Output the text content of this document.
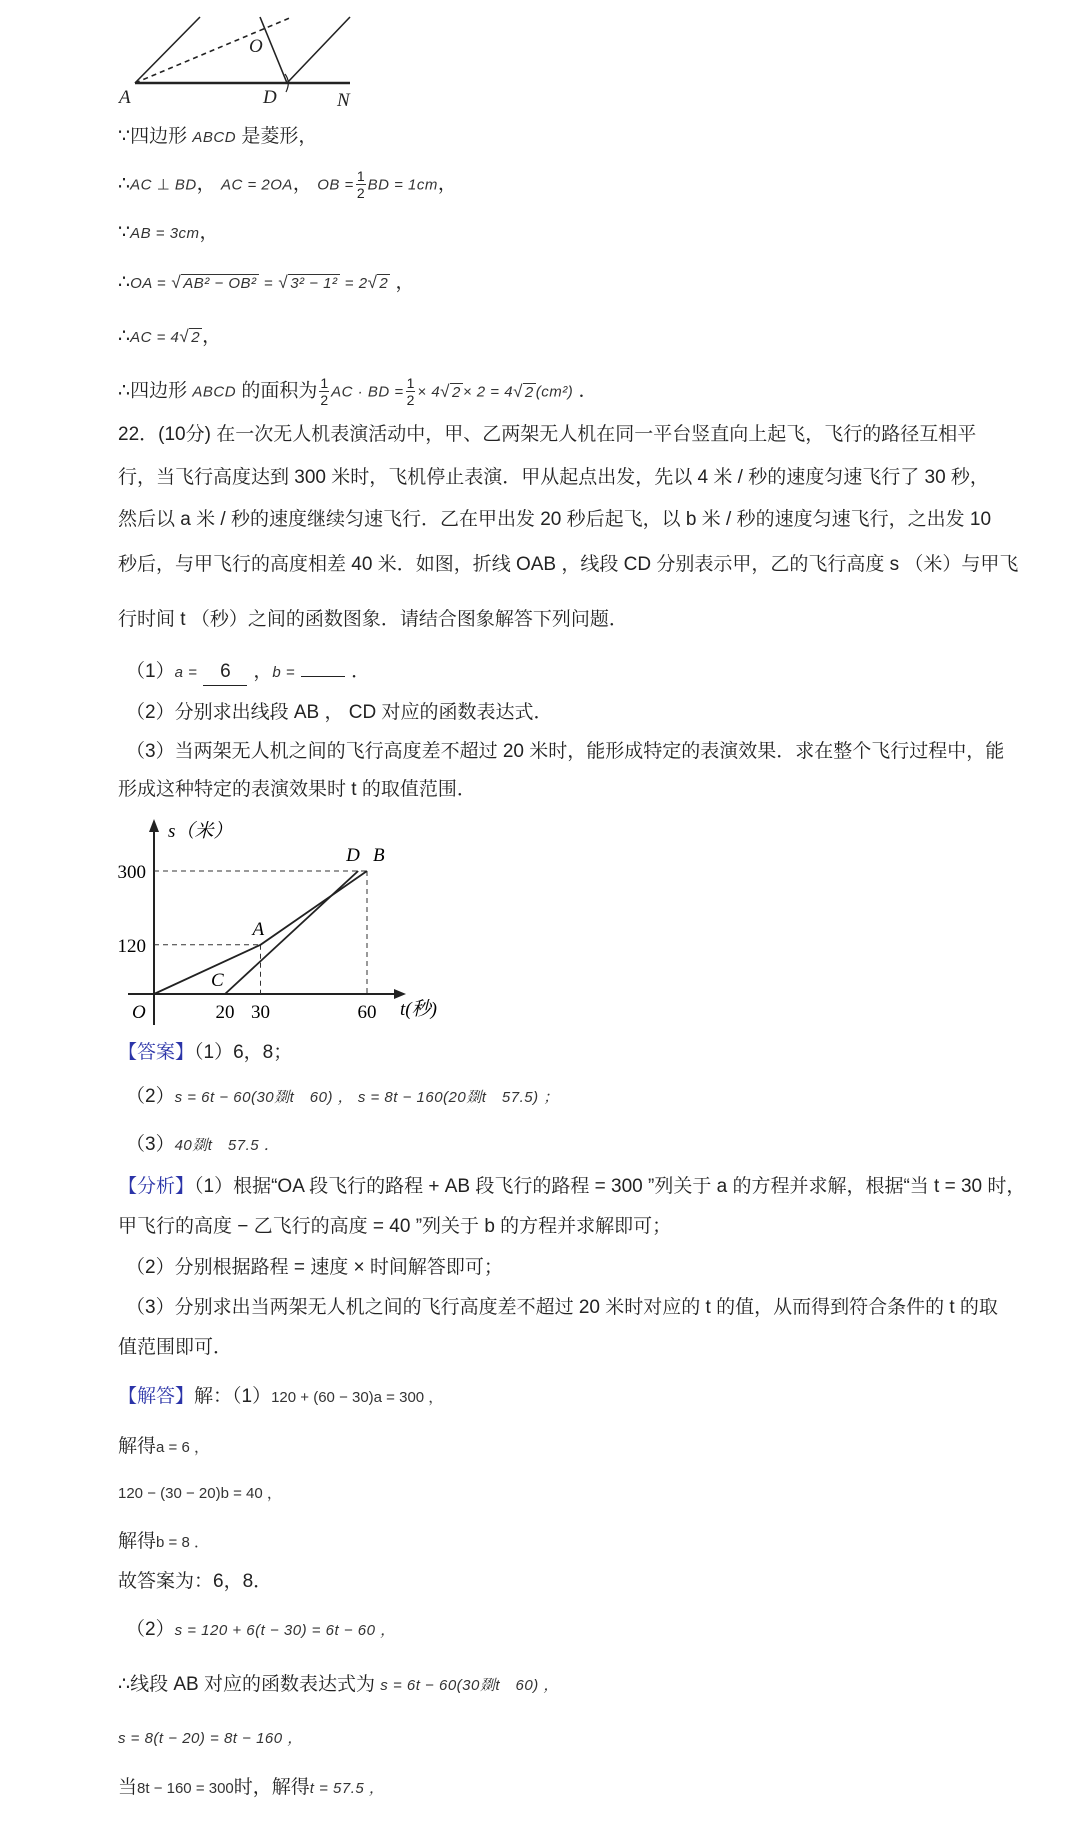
O
A	D	N
∵四边形 ABCD 是菱形，
∴AC ⊥ BD， AC = 2OA， OB = $\frac{1}{2}$ BD = 1cm，
∵AB = 3cm，
∴OA = √ AB² − OB² = √ 3² − 1² = 2√ 2 ，
∴AC = 4√ 2 ，
∴四边形 ABCD 的面积为 $\frac{1}{2}$ AC · BD = $\frac{1}{2} \times 4√$ 2 × 2 = 4√ 2 (cm²) ．
22．(10分) 在一次无人机表演活动中，甲、乙两架无人机在同一平台竖直向上起飞，飞行的路径互相平
行，当飞行高度达到 300 米时，飞机停止表演．甲从起点出发，先以 4 米 / 秒的速度匀速飞行了 30 秒，
然后以 a 米 / 秒的速度继续匀速飞行．乙在甲出发 20 秒后起飞，以 b 米 / 秒的速度匀速飞行，之出发 10
秒后，与甲飞行的高度相差 40 米．如图，折线 OAB ，线段 CD 分别表示甲，乙的飞行高度 s （米）与甲飞
行时间 t （秒）之间的函数图象．请结合图象解答下列问题．
（1）a = 6 ，b =	．
（2）分别求出线段 AB ， CD 对应的函数表达式．
（3）当两架无人机之间的飞行高度差不超过 20 米时，能形成特定的表演效果．求在整个飞行过程中，能
形成这种特定的表演效果时 t 的取值范围．
s（米）
t(秒)
O
120
300
20 30	60
A
B
C
D
【答案】（1）6，8；
（2）s = 6t − 60(30剟t　60) ， s = 8t − 160(20剟t　57.5) ；
（3）40剟t　57.5 ．
【分析】（1）根据“OA 段飞行的路程 + AB 段飞行的路程 = 300 ”列关于 a 的方程并求解，根据“当 t = 30 时，
甲飞行的高度 − 乙飞行的高度 = 40 ”列关于 b 的方程并求解即可；
（2）分别根据路程 = 速度 × 时间解答即可；
（3）分别求出当两架无人机之间的飞行高度差不超过 20 米时对应的 t 的值，从而得到符合条件的 t 的取
值范围即可．
【解答】解：（1）120 + (60 − 30)a = 300 ，
解得a = 6 ，
120 − (30 − 20)b = 40 ，
解得b = 8 ．
故答案为：6，8．
（2）s = 120 + 6(t − 30) = 6t − 60 ，
∴线段 AB 对应的函数表达式为 s = 6t − 60(30剟t　60) ，
s = 8(t − 20) = 8t − 160 ，
当8t − 160 = 300时，解得t = 57.5 ，
